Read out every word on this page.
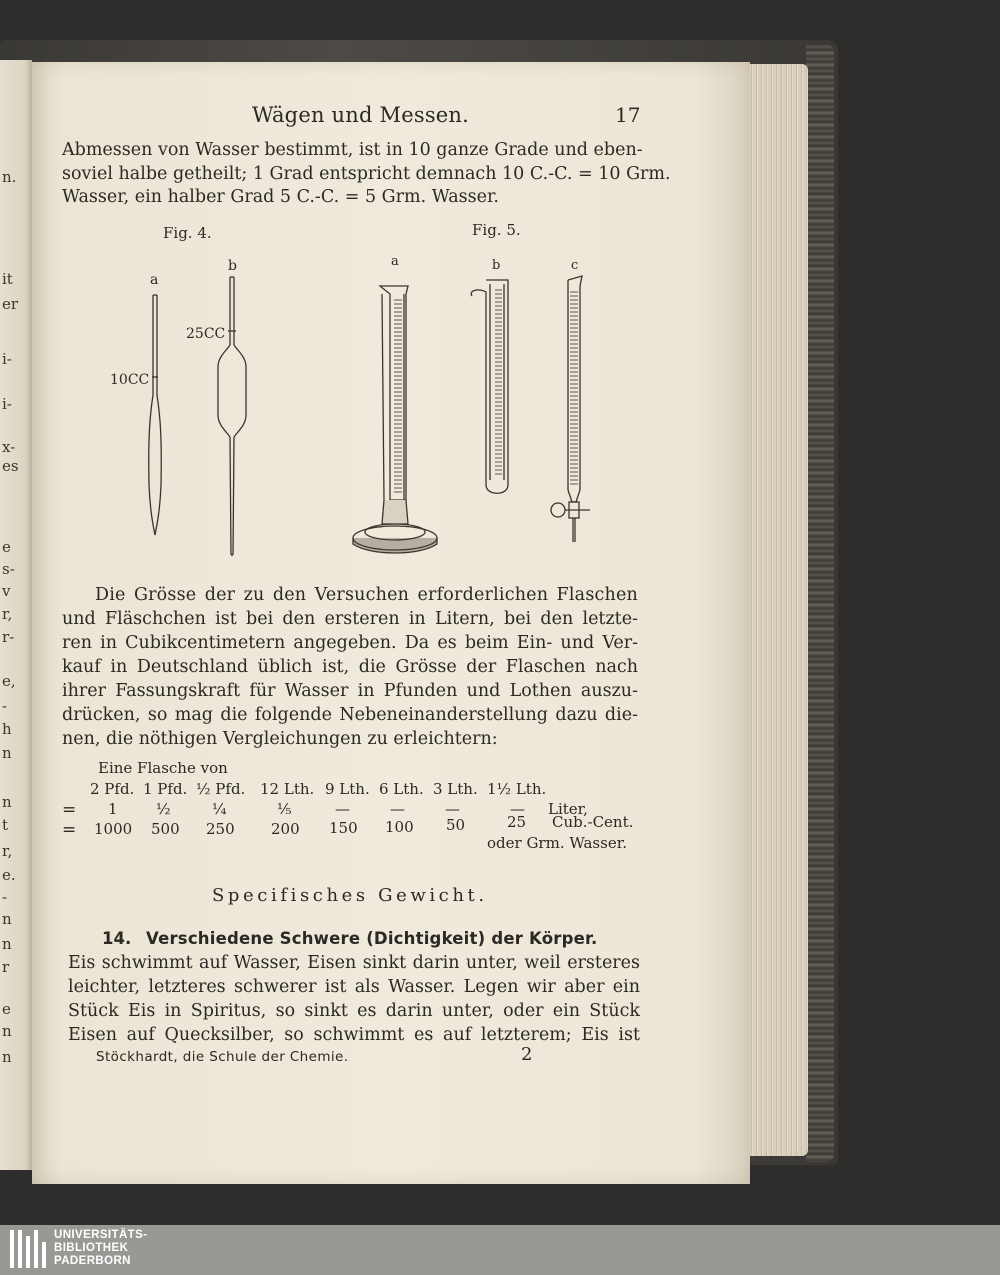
n.
it
er
i-
i-
x-
es
e
s-
v
r,
r-
e,
-
h
n
n
t
r,
e.
-
n
n
r
e
n
n
Wägen und Messen.	17
Abmessen von Wasser bestimmt, ist in 10 ganze Grade und eben-
soviel halbe getheilt; 1 Grad entspricht demnach 10 C.-C. = 10 Grm.
Wasser, ein halber Grad 5 C.-C. = 5 Grm. Wasser.
Fig. 4.	Fig. 5.
a
b
10CC
25CC
a	b	c
Die Grösse der zu den Versuchen erforderlichen Flaschen
und Fläschchen ist bei den ersteren in Litern, bei den letzte-
ren in Cubikcentimetern angegeben. Da es beim Ein- und Ver-
kauf in Deutschland üblich ist, die Grösse der Flaschen nach
ihrer Fassungskraft für Wasser in Pfunden und Lothen auszu-
drücken, so mag die folgende Nebeneinanderstellung dazu die-
nen, die nöthigen Vergleichungen zu erleichtern:
Eine Flasche von
2 Pfd. 1 Pfd. ½ Pfd. 12 Lth. 9 Lth. 6 Lth. 3 Lth. 1½ Lth.
= 1	½	¼	⅕	—	—	—	— Liter,
= 1000 500 250 200 150 100 50	25 Cub.-Cent.
oder Grm. Wasser.
Specifisches Gewicht.
14. Verschiedene Schwere (Dichtigkeit) der Körper.
Eis schwimmt auf Wasser, Eisen sinkt darin unter, weil ersteres
leichter, letzteres schwerer ist als Wasser. Legen wir aber ein
Stück Eis in Spiritus, so sinkt es darin unter, oder ein Stück
Eisen auf Quecksilber, so schwimmt es auf letzterem; Eis ist
Stöckhardt, die Schule der Chemie.	2
UNIVERSITÄTS-
BIBLIOTHEK
PADERBORN
